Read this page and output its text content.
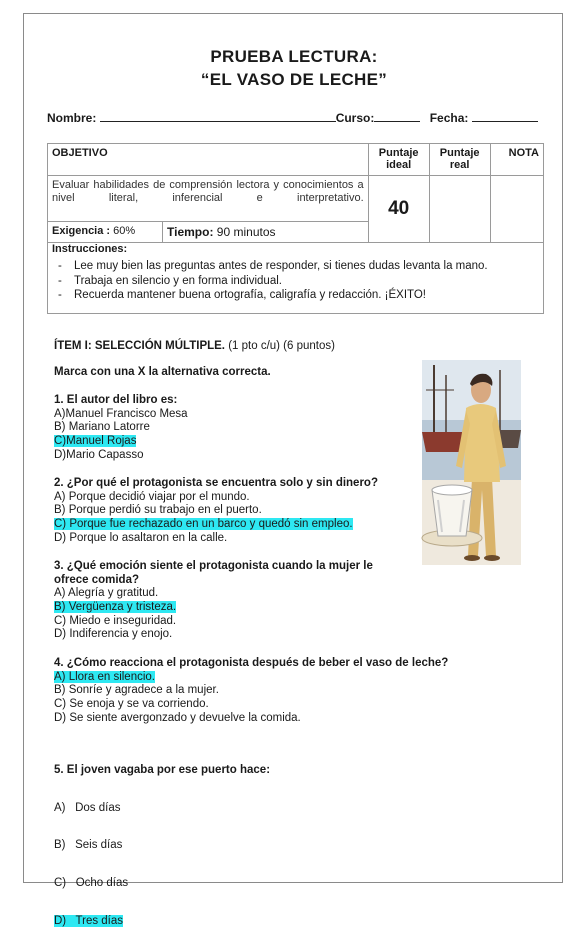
PRUEBA LECTURA:
“EL VASO DE LECHE”
Nombre:	Curso:	Fecha:
OBJETIVO		Puntaje ideal	Puntaje real	NOTA
Evaluar habilidades de comprensión lectora y conocimientos a nivel literal, inferencial e interpretativo.		40		
Exigencia : 60%	Tiempo: 90 minutos			
Instrucciones:
- Lee muy bien las preguntas antes de responder, si tienes dudas levanta la mano.
- Trabaja en silencio y en forma individual.
- Recuerda mantener buena ortografía, caligrafía y redacción. ¡ÉXITO!
ÍTEM I: SELECCIÓN MÚLTIPLE. (1 pto c/u) (6 puntos)
Marca con una X la alternativa correcta.
1. El autor del libro es:
A)Manuel Francisco Mesa
B) Mariano Latorre
C)Manuel Rojas
D)Mario Capasso
2. ¿Por qué el protagonista se encuentra solo y sin dinero?
A) Porque decidió viajar por el mundo.
B) Porque perdió su trabajo en el puerto.
C) Porque fue rechazado en un barco y quedó sin empleo.
D) Porque lo asaltaron en la calle.
3. ¿Qué emoción siente el protagonista cuando la mujer le
ofrece comida?
A) Alegría y gratitud.
B) Vergüenza y tristeza.
C) Miedo e inseguridad.
D) Indiferencia y enojo.
4. ¿Cómo reacciona el protagonista después de beber el vaso de leche?
A) Llora en silencio.
B) Sonríe y agradece a la mujer.
C) Se enoja y se va corriendo.
D) Se siente avergonzado y devuelve la comida.

5. El joven vagaba por ese puerto hace:

A)   Dos días

B)   Seis días

C)   Ocho días

D)   Tres días
